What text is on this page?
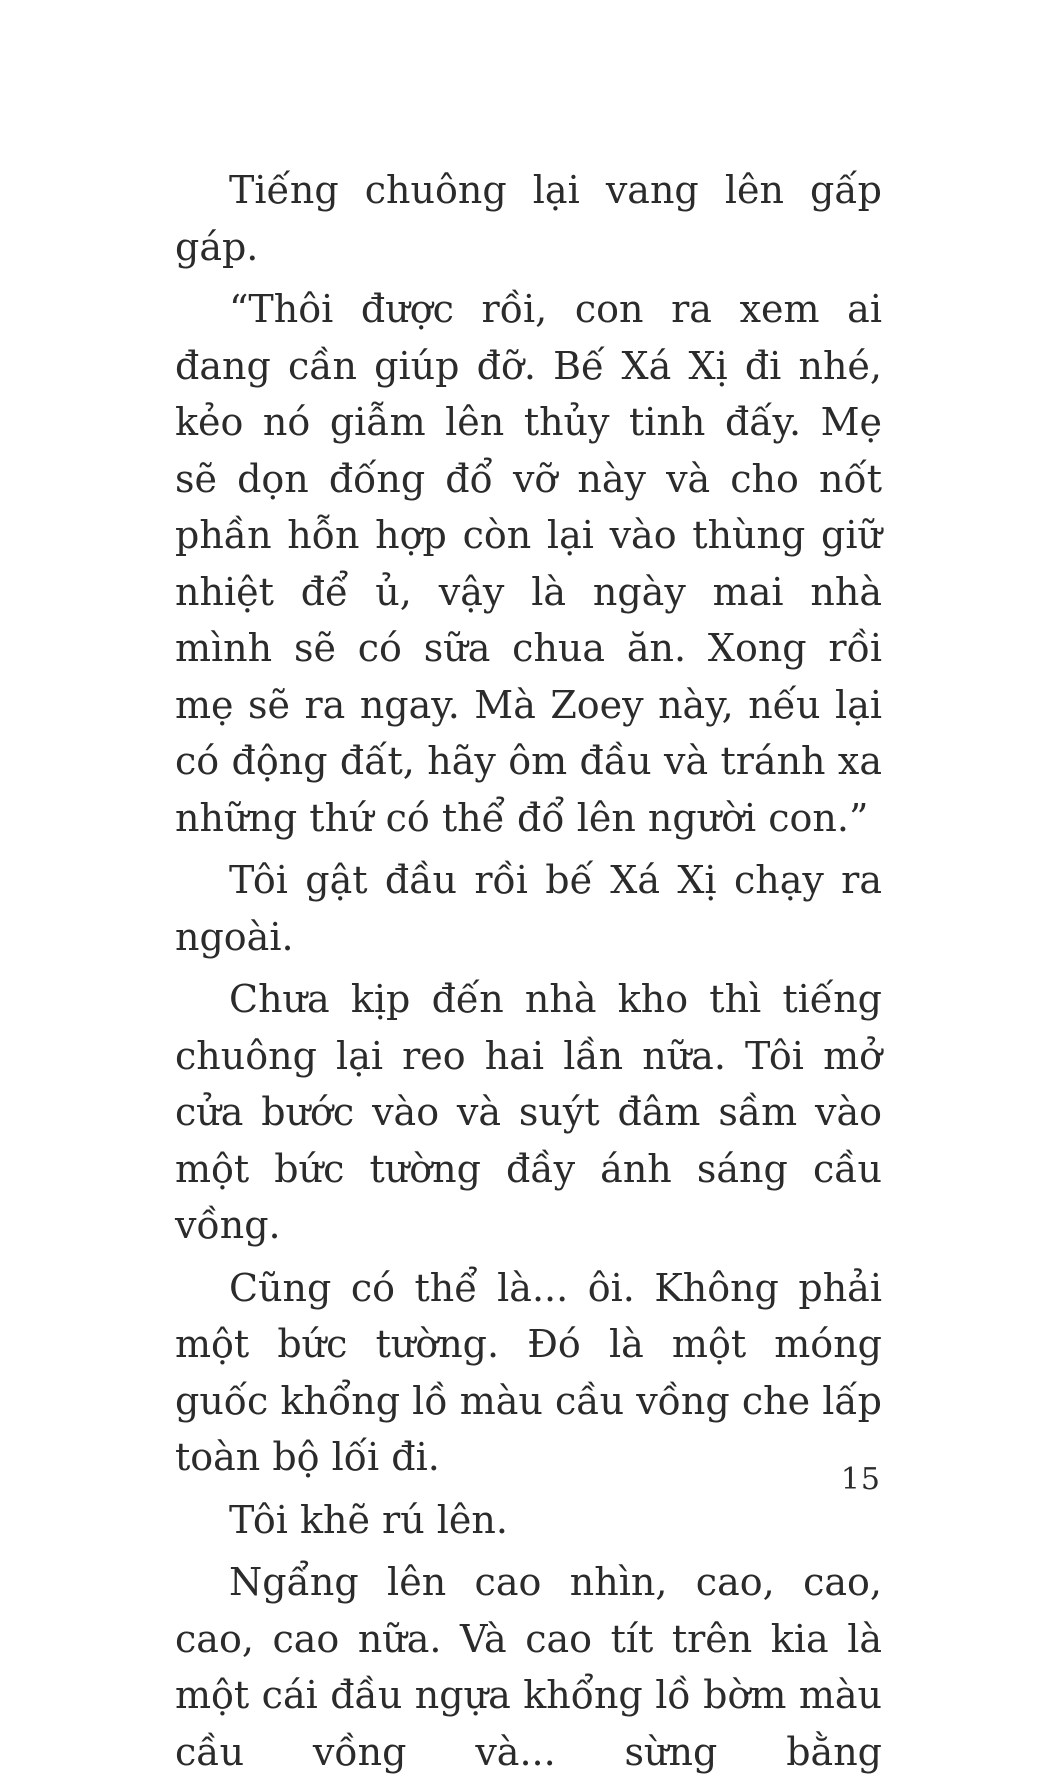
Tiếng chuông lại vang lên gấp gáp.

“Thôi được rồi, con ra xem ai đang cần giúp đỡ. Bế Xá Xị đi nhé, kẻo nó giẫm lên thủy tinh đấy. Mẹ sẽ dọn đống đổ vỡ này và cho nốt phần hỗn hợp còn lại vào thùng giữ nhiệt để ủ, vậy là ngày mai nhà mình sẽ có sữa chua ăn. Xong rồi mẹ sẽ ra ngay. Mà Zoey này, nếu lại có động đất, hãy ôm đầu và tránh xa những thứ có thể đổ lên người con.”

Tôi gật đầu rồi bế Xá Xị chạy ra ngoài.

Chưa kịp đến nhà kho thì tiếng chuông lại reo hai lần nữa. Tôi mở cửa bước vào và suýt đâm sầm vào một bức tường đầy ánh sáng cầu vồng.

Cũng có thể là... ôi. Không phải một bức tường. Đó là một móng guốc khổng lồ màu cầu vồng che lấp toàn bộ lối đi.

Tôi khẽ rú lên.

Ngẩng lên cao nhìn, cao, cao, cao, cao nữa. Và cao tít trên kia là một cái đầu ngựa khổng lồ bờm màu cầu vồng và... sừng bằng

15
